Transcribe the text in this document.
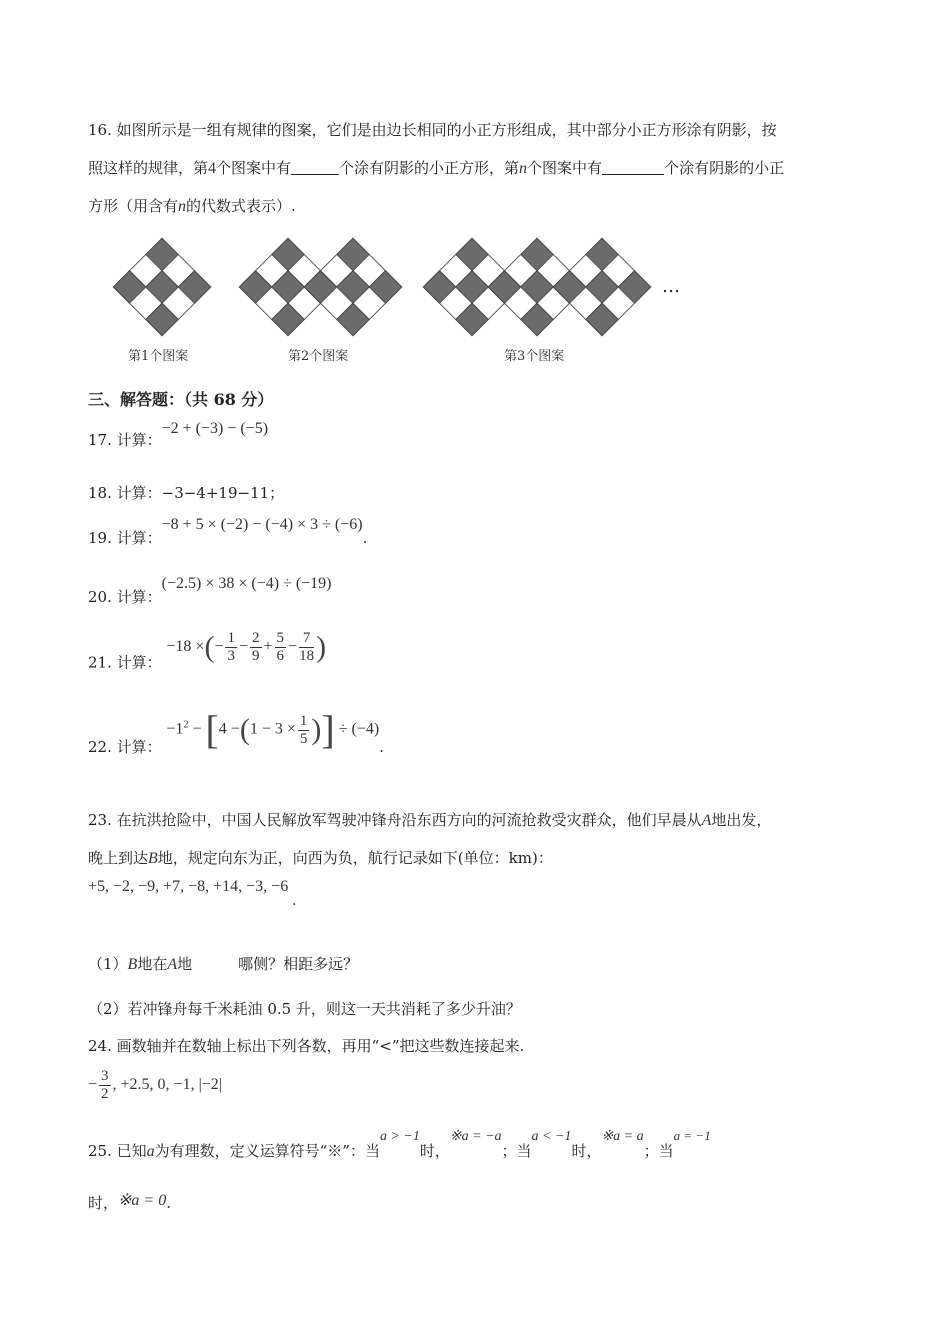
16. 如图所示是一组有规律的图案，它们是由边长相同的小正方形组成，其中部分小正方形涂有阴影，按
照这样的规律，第4个图案中有	个涂有阴影的小正方形，第n个图案中有	个涂有阴影的小正
方形（用含有n的代数式表示）.
…
第1个图案	第2个图案	第3个图案
三、解答题：（共 68 分）
17. 计算：−2 + (−3) − (−5)
18. 计算：−3−4+19−11；
19. 计算：−8 + 5 × (−2) − (−4) × 3 ÷ (−6).
20. 计算：(−2.5) × 38 × (−4) ÷ (−19)
21. 计算： −18 ×(− $\frac{1}{3} - \frac{2}{9} + \frac{5}{6} - \frac{7}{18}$ )
22. 计算： $-1^2 - [4 -(1 - 3 \times \frac{1}{5}$ )] ÷ (−4).
23. 在抗洪抢险中，中国人民解放军驾驶冲锋舟沿东西方向的河流抢救受灾群众，他们早晨从A地出发，
晚上到达B地，规定向东为正，向西为负，航行记录如下(单位：km)：
+5, −2, −9, +7, −8, +14, −3, −6.
（1）B地在A地	哪侧？相距多远？
（2）若冲锋舟每千米耗油 0.5 升，则这一天共消耗了多少升油？
24. 画数轴并在数轴上标出下列各数，再用“<”把这些数连接起来.
− $\frac{3}{2}$ , +2.5, 0, −1, |−2|
25. 已知a为有理数，定义运算符号“※”：当a > −1时，※a = −a；当a < −1时，※a = a；当a = −1
时，※a = 0.
